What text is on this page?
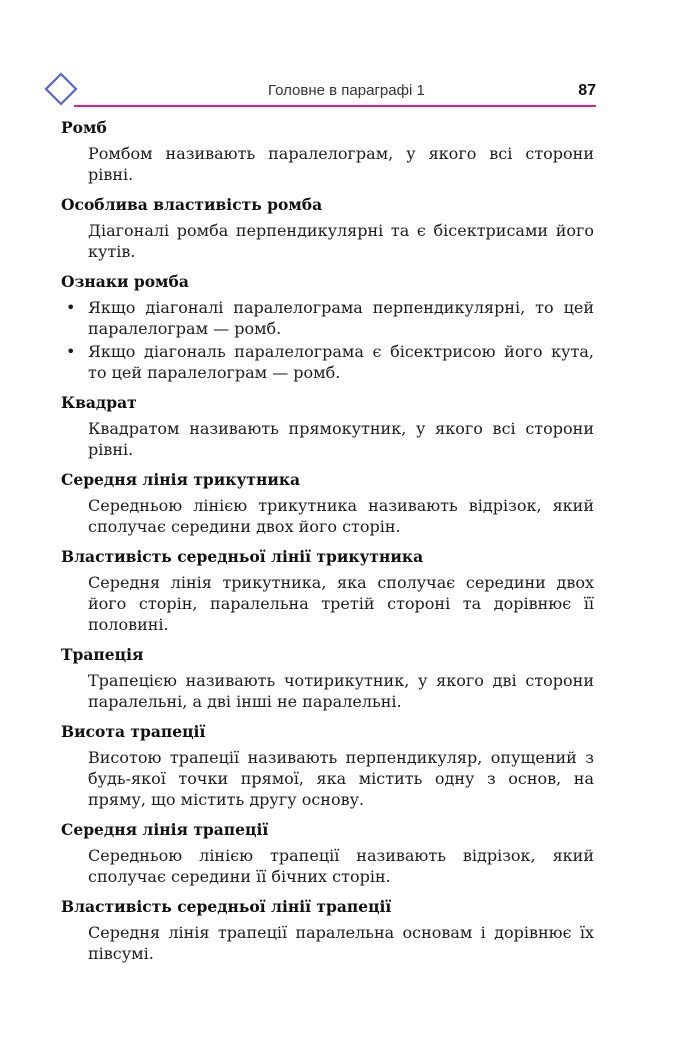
Головне в параграфі 1	87
Ромб
Ромбом називають паралелограм, у якого всі сторони рівні.
Особлива властивість ромба
Діагоналі ромба перпендикулярні та є бісектрисами його кутів.
Ознаки ромба
• Якщо діагоналі паралелограма перпендикулярні, то цей паралелограм — ромб.
• Якщо діагональ паралелограма є бісектрисою його кута, то цей паралелограм — ромб.
Квадрат
Квадратом називають прямокутник, у якого всі сторони рівні.
Середня лінія трикутника
Середньою лінією трикутника називають відрізок, який сполучає середини двох його сторін.
Властивість середньої лінії трикутника
Середня лінія трикутника, яка сполучає середини двох його сторін, паралельна третій стороні та дорівнює її половині.
Трапеція
Трапецією називають чотирикутник, у якого дві сторони паралельні, а дві інші не паралельні.
Висота трапеції
Висотою трапеції називають перпендикуляр, опущений з будь-якої точки прямої, яка містить одну з основ, на пряму, що містить другу основу.
Середня лінія трапеції
Середньою лінією трапеції називають відрізок, який сполучає середини її бічних сторін.
Властивість середньої лінії трапеції
Середня лінія трапеції паралельна основам і дорівнює їх півсумі.
